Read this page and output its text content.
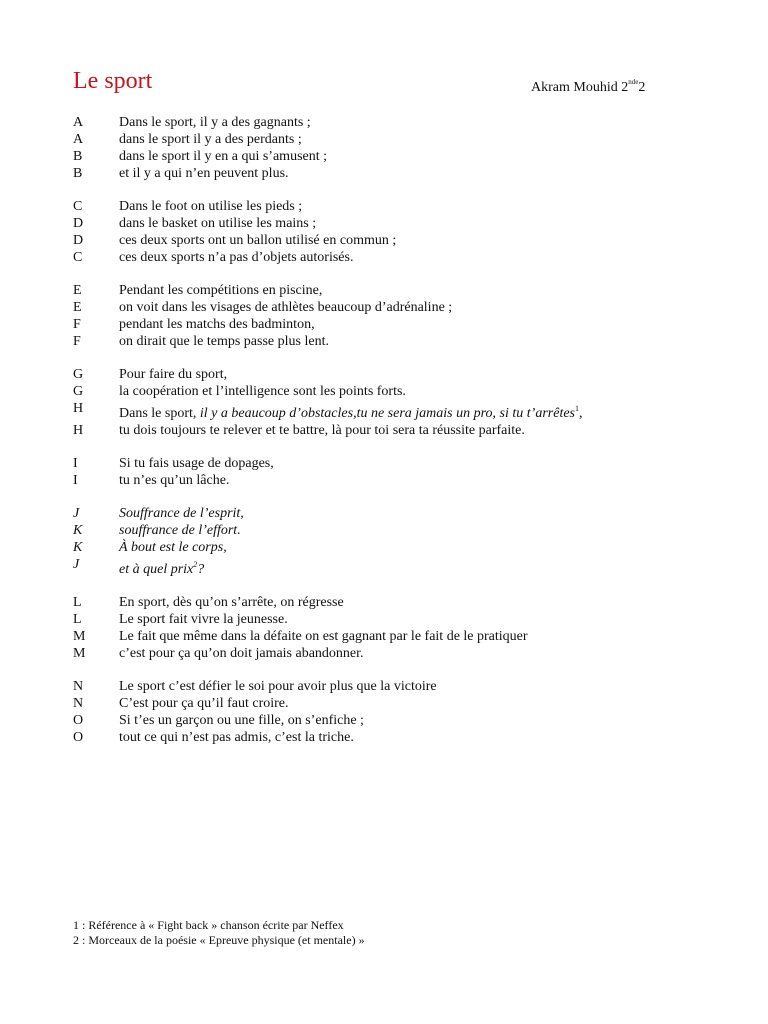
Le sport	Akram Mouhid 2nde2
A	Dans le sport, il y a des gagnants ;
A	dans le sport il y a des perdants ;
B	dans le sport il y en a qui s’amusent ;
B	et il y a qui n’en peuvent plus.
C	Dans le foot on utilise les pieds ;
D	dans le basket on utilise les mains ;
D	ces deux sports ont un ballon utilisé en commun ;
C	ces deux sports n’a pas d’objets autorisés.
E	Pendant les compétitions en piscine,
E	on voit dans les visages de athlètes beaucoup d’adrénaline ;
F	pendant les matchs des badminton,
F	on dirait que le temps passe plus lent.
G	Pour faire du sport,
G	la coopération et l’intelligence sont les points forts.
H	Dans le sport, il y a beaucoup d’obstacles,tu ne sera jamais un pro, si tu t’arrêtes$^1$,
H	tu dois toujours te relever et te battre, là pour toi sera ta réussite parfaite.
I	Si tu fais usage de dopages,
I	tu n’es qu’un lâche.
J	Souffrance de l’esprit,
K	souffrance de l’effort.
K	À bout est le corps,
J	et à quel prix$^2$?
L	En sport, dès qu’on s’arrête, on régresse
L	Le sport fait vivre la jeunesse.
M	Le fait que même dans la défaite on est gagnant par le fait de le pratiquer
M	c’est pour ça qu’on doit jamais abandonner.
N	Le sport c’est défier le soi pour avoir plus que la victoire
N	C’est pour ça qu’il faut croire.
O	Si t’es un garçon ou une fille, on s’enfiche ;
O	tout ce qui n’est pas admis, c’est la triche.
1 : Référence à « Fight back » chanson écrite par Neffex
2 : Morceaux de la poésie « Epreuve physique (et mentale) »
